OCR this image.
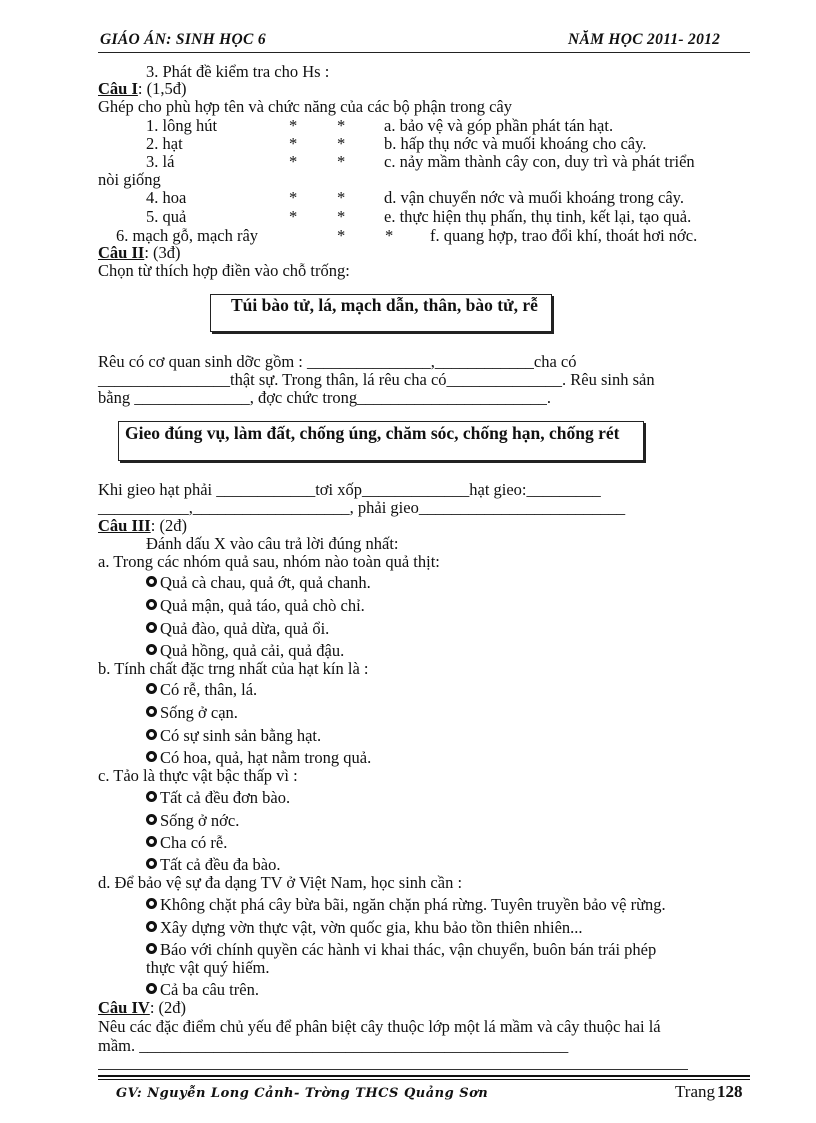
GIÁO ÁN: SINH HỌC 6	NĂM HỌC 2011- 2012
3. Phát đề kiểm tra cho Hs :
Câu I: (1,5đ)
Ghép cho phù hợp tên và chức năng của các bộ phận trong cây
1. lông hút
2. hạt
3. lá
4. hoa
5. quả
6. mạch gỗ, mạch rây
* *
* *
* *
* *
* *
* *
a. bảo vệ và góp phần phát tán hạt.
b. hấp thụ nớc và muối khoáng cho cây.
c. nảy mầm thành cây con, duy trì và phát triển
nòi giống
d. vận chuyển nớc và muối khoáng trong cây.
e. thực hiện thụ phấn, thụ tinh, kết lại, tạo quả.
f. quang hợp, trao đổi khí, thoát hơi nớc.
Câu II: (3đ)
Chọn từ thích hợp điền vào chỗ trống:
Túi bào tử, lá, mạch dẫn, thân, bào tử, rễ
Rêu có cơ quan sinh dỡc gồm : _______________,____________cha có
________________thật sự. Trong thân, lá rêu cha có______________. Rêu sinh sản
bằng ______________, đợc chức trong_______________________.
Gieo đúng vụ, làm đất, chống úng, chăm sóc, chống hạn, chống rét
Khi gieo hạt phải ____________tơi xốp_____________hạt gieo:_________
___________,___________________, phải gieo_________________________
Câu III: (2đ)
Đánh dấu X vào câu trả lời đúng nhất:
a. Trong các nhóm quả sau, nhóm nào toàn quả thịt:
Quả cà chau, quả ớt, quả chanh.
Quả mận, quả táo, quả chò chỉ.
Quả đào, quả dừa, quả ổi.
Quả hồng, quả cải, quả đậu.
b. Tính chất đặc trng nhất của hạt kín là :
Có rễ, thân, lá.
Sống ở cạn.
Có sự sinh sản bằng hạt.
Có hoa, quả, hạt nằm trong quả.
c. Tảo là thực vật bậc thấp vì :
Tất cả đều đơn bào.
Sống ở nớc.
Cha có rễ.
Tất cả đều đa bào.
d. Để bảo vệ sự đa dạng TV ở Việt Nam, học sinh cần :
Không chặt phá cây bừa bãi, ngăn chặn phá rừng. Tuyên truyền bảo vệ rừng.
Xây dựng vờn thực vật, vờn quốc gia, khu bảo tồn thiên nhiên...
Báo với chính quyền các hành vi khai thác, vận chuyển, buôn bán trái phép
thực vật quý hiếm.
Cả ba câu trên.
Câu IV: (2đ)
Nêu các đặc điểm chủ yếu để phân biệt cây thuộc lớp một lá mầm và cây thuộc hai lá
mầm. ____________________________________________________
GV: Nguyễn Long Cảnh- Trờng THCS Quảng Sơn	Trang 128
